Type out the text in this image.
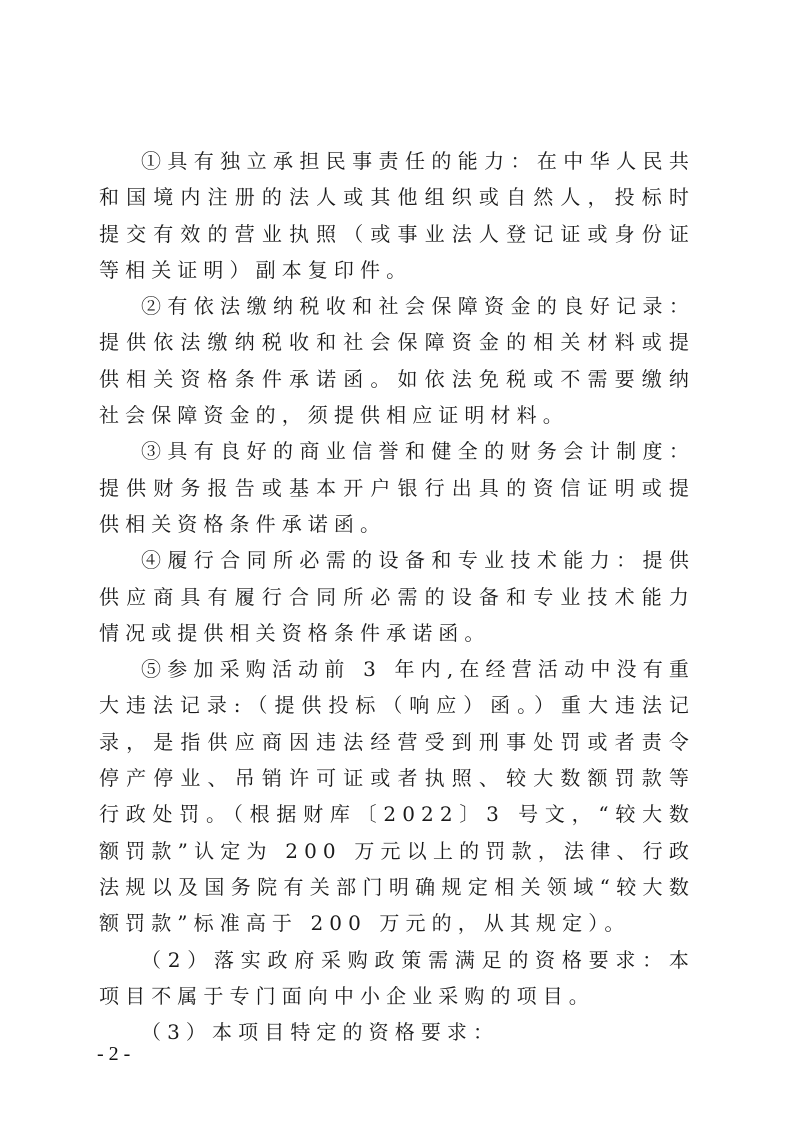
①具有独立承担民事责任的能力：在中华人民共和国境内注册的法人或其他组织或自然人，投标时提交有效的营业执照（或事业法人登记证或身份证等相关证明）副本复印件。

②有依法缴纳税收和社会保障资金的良好记录：提供依法缴纳税收和社会保障资金的相关材料或提供相关资格条件承诺函。如依法免税或不需要缴纳社会保障资金的，须提供相应证明材料。

③具有良好的商业信誉和健全的财务会计制度：提供财务报告或基本开户银行出具的资信证明或提供相关资格条件承诺函。

④履行合同所必需的设备和专业技术能力：提供供应商具有履行合同所必需的设备和专业技术能力情况或提供相关资格条件承诺函。

⑤参加采购活动前 3 年内,在经营活动中没有重大违法记录:（提供投标（响应）函。）重大违法记录，是指供应商因违法经营受到刑事处罚或者责令停产停业、吊销许可证或者执照、较大数额罚款等行政处罚。（根据财库〔2022〕3 号文，“较大数额罚款”认定为 200 万元以上的罚款，法律、行政法规以及国务院有关部门明确规定相关领域“较大数额罚款”标准高于 200 万元的，从其规定）。

（2）落实政府采购政策需满足的资格要求：本项目不属于专门面向中小企业采购的项目。

（3）本项目特定的资格要求：

- 2 -
